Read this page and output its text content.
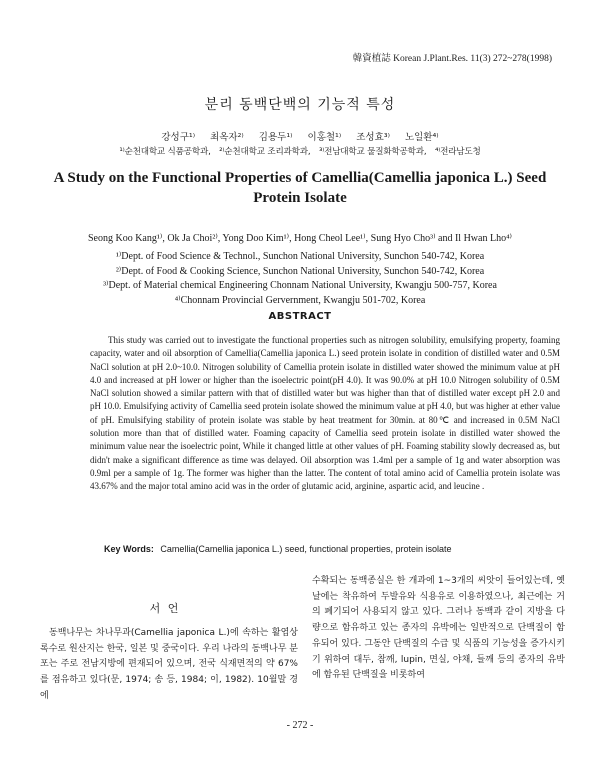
韓資植誌 Korean J.Plant.Res. 11(3) 272~278(1998)
분리 동백단백의 기능적 특성
강성구¹⁾ 최옥자²⁾ 김용두¹⁾ 이홍철¹⁾ 조성효³⁾ 노일환⁴⁾
¹⁾순천대학교 식품공학과, ²⁾순천대학교 조리과학과, ³⁾전남대학교 물질화학공학과, ⁴⁾전라남도청
A Study on the Functional Properties of Camellia(Camellia japonica L.) Seed Protein Isolate
Seong Koo Kang¹⁾, Ok Ja Choi²⁾, Yong Doo Kim¹⁾, Hong Cheol Lee¹⁾, Sung Hyo Cho³⁾ and Il Hwan Lho⁴⁾
¹⁾Dept. of Food Science & Technol., Sunchon National University, Sunchon 540-742, Korea
²⁾Dept. of Food & Cooking Science, Sunchon National University, Sunchon 540-742, Korea
³⁾Dept. of Material chemical Engineering Chonnam National University, Kwangju 500-757, Korea
⁴⁾Chonnam Provincial Gervernment, Kwangju 501-702, Korea
ABSTRACT
This study was carried out to investigate the functional properties such as nitrogen solubility, emulsifying property, foaming capacity, water and oil absorption of Camellia(Camellia japonica L.) seed protein isolate in condition of distilled water and 0.5M NaCl solution at pH 2.0~10.0. Nitrogen solubility of Camellia protein isolate in distilled water showed the minimum value at pH 4.0 and increased at pH lower or higher than the isoelectric point(pH 4.0). It was 90.0% at pH 10.0 Nitrogen solubility of 0.5M NaCl solution showed a similar pattern with that of distilled water but was higher than that of distilled water except pH 2.0 and pH 10.0. Emulsifying activity of Camellia seed protein isolate showed the minimum value at pH 4.0, but was higher at ether value of pH. Emulsifying stability of protein isolate was stable by heat treatment for 30min. at 80℃ and increased in 0.5M NaCl solution more than that of distilled water. Foaming capacity of Camellia seed protein isolate in distilled water showed the minimum value near the isoelectric point, While it changed little at other values of pH. Foaming stability slowly decreased as, but didn't make a significant difference as time was delayed. Oil absorption was 1.4ml per a sample of 1g and water absorption was 0.9ml per a sample of 1g. The former was higher than the latter. The content of total amino acid of Camellia protein isolate was 43.67% and the major total amino acid was in the order of glutamic acid, arginine, aspartic acid, and leucine .
Key Words: Camellia(Camellia japonica L.) seed, functional properties, protein isolate
서 언
동백나무는 차나무과(Camellia japonica L.)에 속하는 활엽상록수로 원산지는 한국, 일본 및 중국이다. 우리 나라의 동백나무 분포는 주로 전남지방에 편재되어 있으며, 전국 식재면적의 약 67%를 점유하고 있다(문, 1974; 송 등, 1984; 이, 1982). 10월말 경에
수확되는 동백종실은 한 개과에 1~3개의 씨앗이 들어있는데, 옛날에는 착유하여 두발유와 식용유로 이용하였으나, 최근에는 거의 폐기되어 사용되지 않고 있다. 그러나 동백과 같이 지방을 다량으로 함유하고 있는 종자의 유박에는 일반적으로 단백질이 함유되어 있다. 그동안 단백질의 수급 및 식품의 기능성을 증가시키기 위하여 대두, 참깨, lupin, 면실, 야채, 들깨 등의 종자의 유박에 함유된 단백질을 비롯하여
- 272 -
